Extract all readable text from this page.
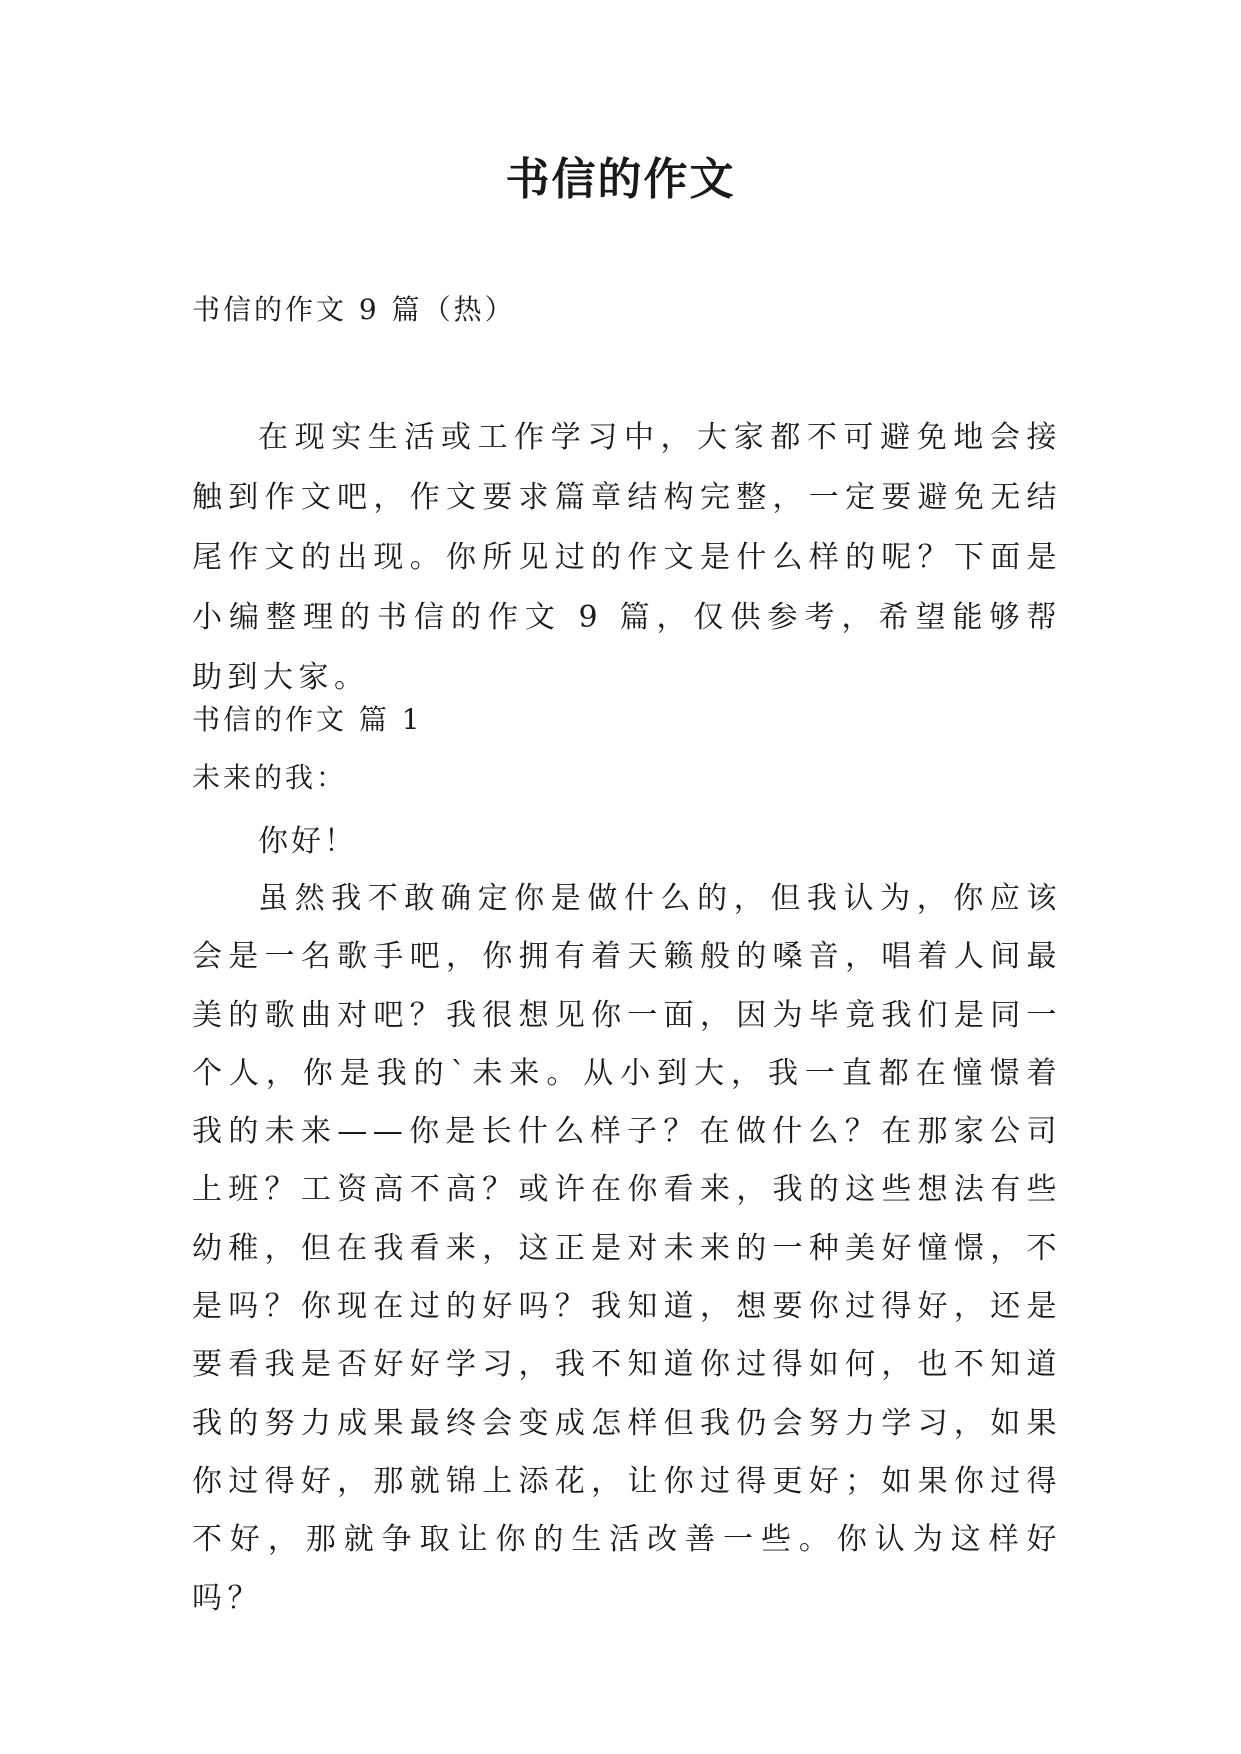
书信的作文
书信的作文 9 篇（热）
在现实生活或工作学习中，大家都不可避免地会接触到作文吧，作文要求篇章结构完整，一定要避免无结尾作文的出现。你所见过的作文是什么样的呢？下面是小编整理的书信的作文 9 篇，仅供参考，希望能够帮助到大家。
书信的作文 篇 1
未来的我：
你好！
虽然我不敢确定你是做什么的，但我认为，你应该会是一名歌手吧，你拥有着天籁般的嗓音，唱着人间最美的歌曲对吧？我很想见你一面，因为毕竟我们是同一个人，你是我的`未来。从小到大，我一直都在憧憬着我的未来——你是长什么样子？在做什么？在那家公司上班？工资高不高？或许在你看来，我的这些想法有些幼稚，但在我看来，这正是对未来的一种美好憧憬，不是吗？你现在过的好吗？我知道，想要你过得好，还是要看我是否好好学习，我不知道你过得如何，也不知道我的努力成果最终会变成怎样但我仍会努力学习，如果你过得好，那就锦上添花，让你过得更好；如果你过得不好，那就争取让你的生活改善一些。你认为这样好吗？
